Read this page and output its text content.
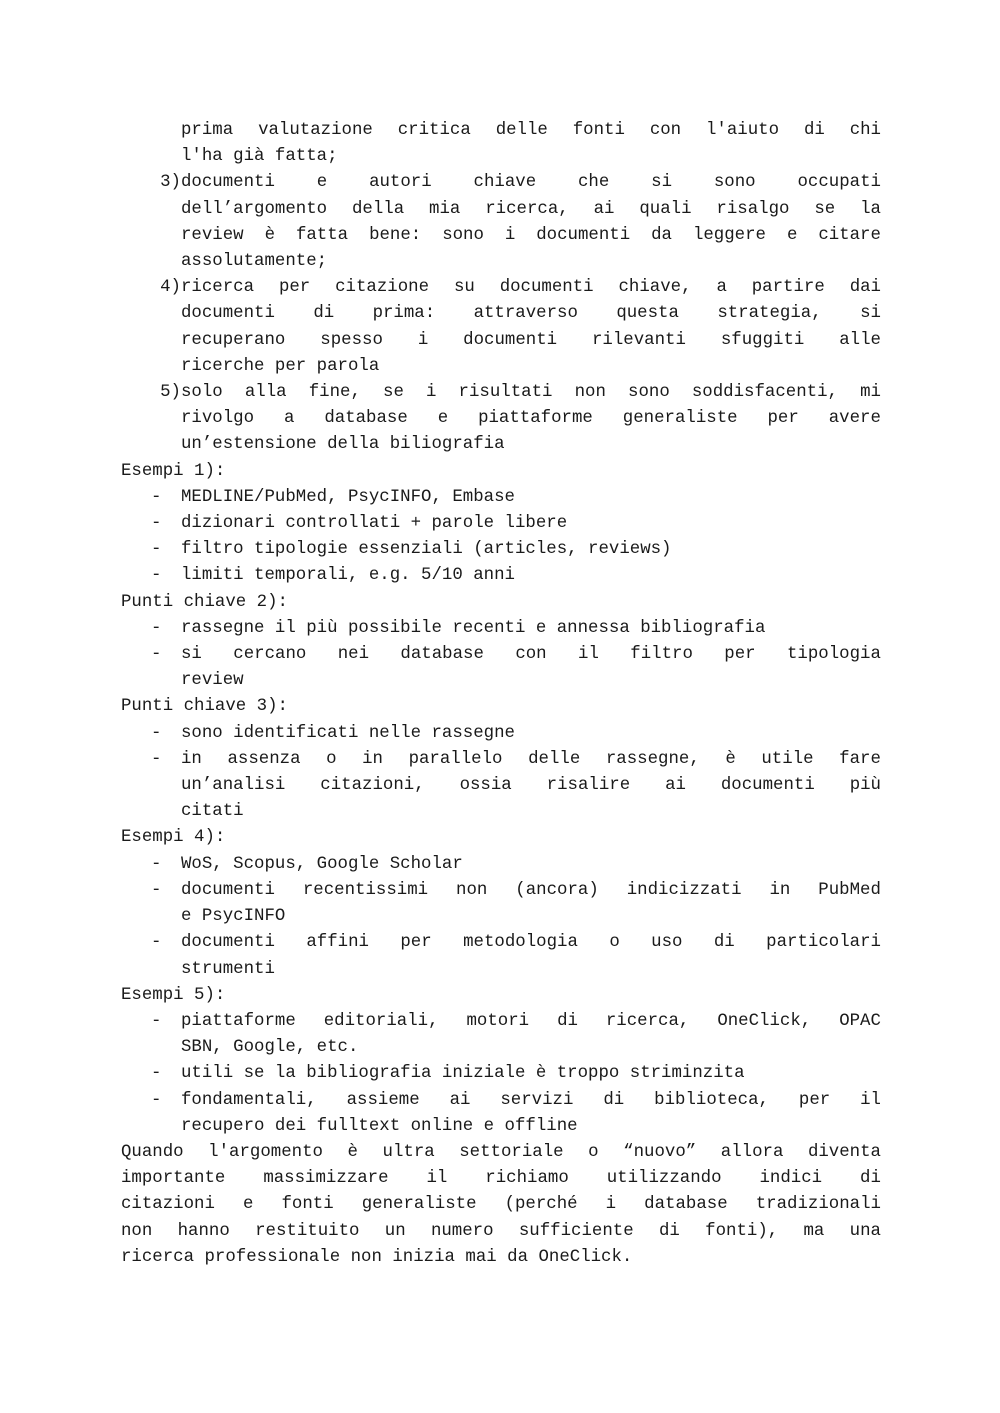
prima valutazione critica delle fonti con l'aiuto di chi
l'ha già fatta;
3) documenti e autori chiave che si sono occupati
dell’argomento della mia ricerca, ai quali risalgo se la
review è fatta bene: sono i documenti da leggere e citare
assolutamente;
4) ricerca per citazione su documenti chiave, a partire dai
documenti di prima: attraverso questa strategia, si
recuperano spesso i documenti rilevanti sfuggiti alle
ricerche per parola
5) solo alla fine, se i risultati non sono soddisfacenti, mi
rivolgo a database e piattaforme generaliste per avere
un’estensione della biliografia
Esempi 1):
-	MEDLINE/PubMed, PsycINFO, Embase
-	dizionari controllati + parole libere
-	filtro tipologie essenziali (articles, reviews)
-	limiti temporali, e.g. 5/10 anni
Punti chiave 2):
-	rassegne il più possibile recenti e annessa bibliografia
-	si cercano nei database con il filtro per tipologia
review
Punti chiave 3):
-	sono identificati nelle rassegne
-	in assenza o in parallelo delle rassegne, è utile fare
un’analisi citazioni, ossia risalire ai documenti più
citati
Esempi 4):
-	WoS, Scopus, Google Scholar
-	documenti recentissimi non (ancora) indicizzati in PubMed
e PsycINFO
-	documenti affini per metodologia o uso di particolari
strumenti
Esempi 5):
-	piattaforme editoriali, motori di ricerca, OneClick, OPAC
SBN, Google, etc.
-	utili se la bibliografia iniziale è troppo striminzita
-	fondamentali, assieme ai servizi di biblioteca, per il
recupero dei fulltext online e offline
Quando l'argomento è ultra settoriale o “nuovo” allora diventa
importante massimizzare il richiamo utilizzando indici di
citazioni e fonti generaliste (perché i database tradizionali
non hanno restituito un numero sufficiente di fonti), ma una
ricerca professionale non inizia mai da OneClick.
